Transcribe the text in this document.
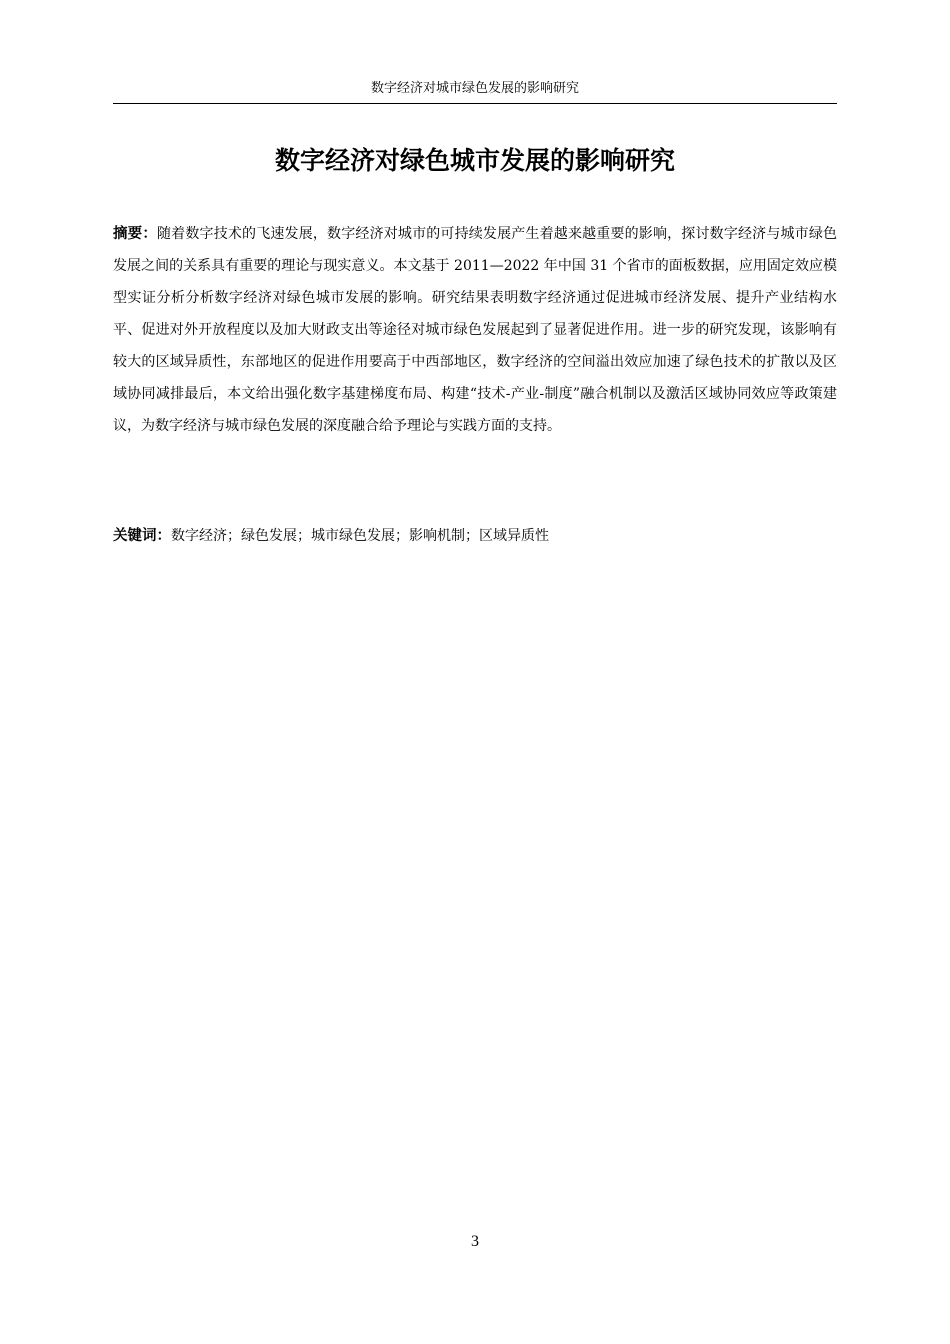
数字经济对城市绿色发展的影响研究
数字经济对绿色城市发展的影响研究

摘要：随着数字技术的飞速发展，数字经济对城市的可持续发展产生着越来越重要的影响，探讨数字经济与城市绿色发展之间的关系具有重要的理论与现实意义。本文基于 2011—2022 年中国 31 个省市的面板数据，应用固定效应模型实证分析分析数字经济对绿色城市发展的影响。研究结果表明数字经济通过促进城市经济发展、提升产业结构水平、促进对外开放程度以及加大财政支出等途径对城市绿色发展起到了显著促进作用。进一步的研究发现，该影响有较大的区域异质性，东部地区的促进作用要高于中西部地区，数字经济的空间溢出效应加速了绿色技术的扩散以及区域协同减排最后，本文给出强化数字基建梯度布局、构建“技术-产业-制度”融合机制以及激活区域协同效应等政策建议，为数字经济与城市绿色发展的深度融合给予理论与实践方面的支持。

关键词：数字经济；绿色发展；城市绿色发展；影响机制；区域异质性

3
